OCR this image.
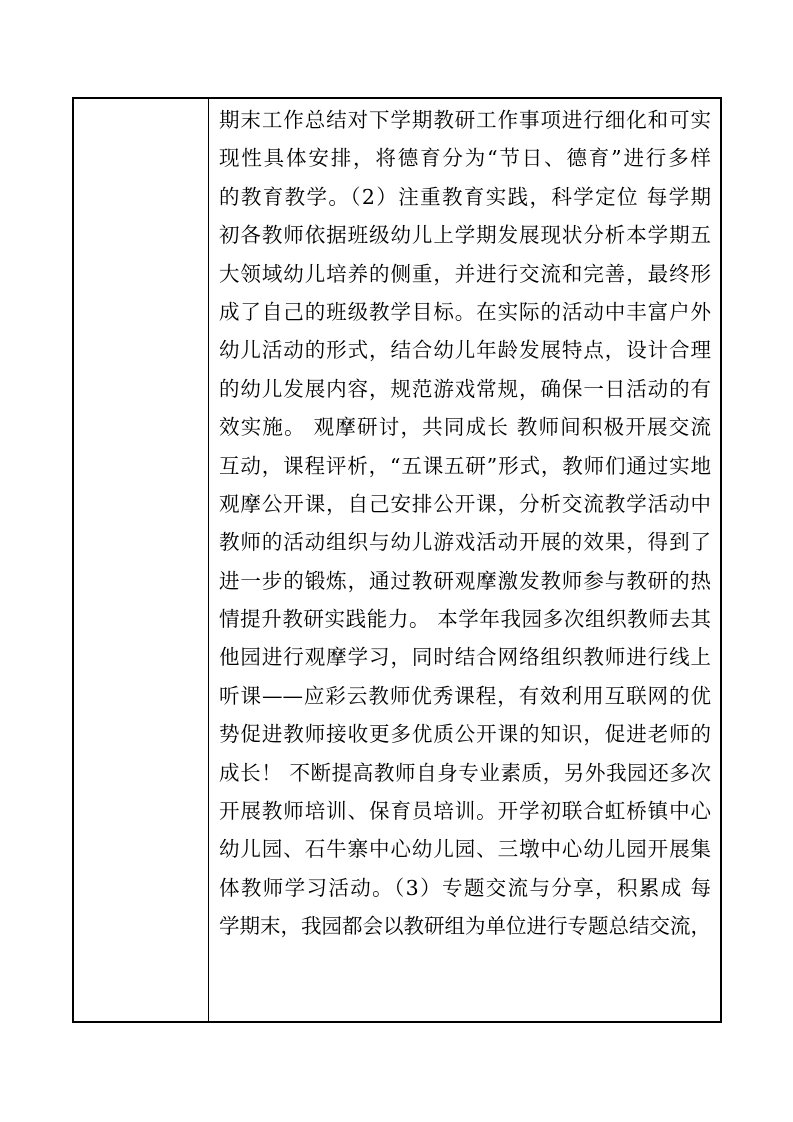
期末工作总结对下学期教研工作事项进行细化和可实
现性具体安排，将德育分为“节日、德育”进行多样
的教育教学。（2）注重教育实践，科学定位 每学期
初各教师依据班级幼儿上学期发展现状分析本学期五
大领域幼儿培养的侧重，并进行交流和完善，最终形
成了自己的班级教学目标。在实际的活动中丰富户外
幼儿活动的形式，结合幼儿年龄发展特点，设计合理
的幼儿发展内容，规范游戏常规，确保一日活动的有
效实施。 观摩研讨，共同成长 教师间积极开展交流
互动，课程评析，“五课五研”形式，教师们通过实地
观摩公开课，自己安排公开课，分析交流教学活动中
教师的活动组织与幼儿游戏活动开展的效果，得到了
进一步的锻炼，通过教研观摩激发教师参与教研的热
情提升教研实践能力。 本学年我园多次组织教师去其
他园进行观摩学习，同时结合网络组织教师进行线上
听课——应彩云教师优秀课程，有效利用互联网的优
势促进教师接收更多优质公开课的知识，促进老师的
成长！ 不断提高教师自身专业素质，另外我园还多次
开展教师培训、保育员培训。开学初联合虹桥镇中心
幼儿园、石牛寨中心幼儿园、三墩中心幼儿园开展集
体教师学习活动。（3）专题交流与分享，积累成 每
学期末，我园都会以教研组为单位进行专题总结交流，
